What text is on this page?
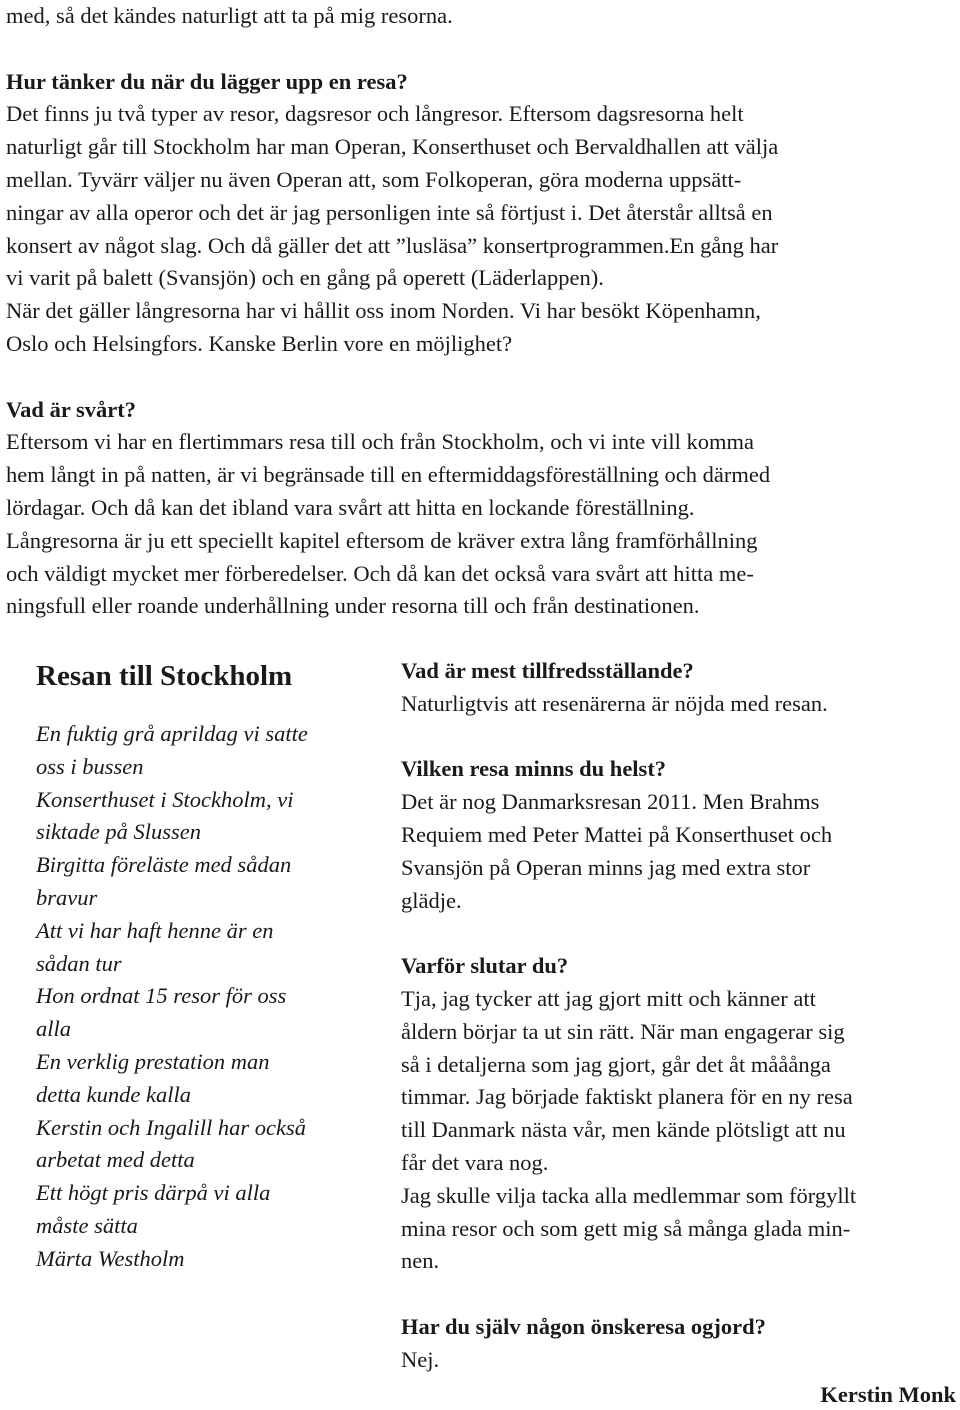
med, så det kändes naturligt att ta på mig resorna.
Hur tänker du när du lägger upp en resa?
Det finns ju två typer av resor, dagsresor och långresor. Eftersom dagsresorna helt
naturligt går till Stockholm har man Operan, Konserthuset och Bervaldhallen att välja
mellan. Tyvärr väljer nu även Operan att, som Folkoperan, göra moderna uppsätt-
ningar av alla operor och det är jag personligen inte så förtjust i. Det återstår alltså en
konsert av något slag. Och då gäller det att ”lusläsa” konsertprogrammen.En gång har
vi varit på balett (Svansjön) och en gång på operett (Läderlappen).
När det gäller långresorna har vi hållit oss inom Norden. Vi har besökt Köpenhamn,
Oslo och Helsingfors. Kanske Berlin vore en möjlighet?
Vad är svårt?
Eftersom vi har en flertimmars resa till och från Stockholm, och vi inte vill komma
hem långt in på natten, är vi begränsade till en eftermiddagsföreställning och därmed
lördagar. Och då kan det ibland vara svårt att hitta en lockande föreställning.
Långresorna är ju ett speciellt kapitel eftersom de kräver extra lång framförhållning
och väldigt mycket mer förberedelser. Och då kan det också vara svårt att hitta me-
ningsfull eller roande underhållning under resorna till och från destinationen.
Resan till Stockholm
En fuktig grå aprildag vi satte
oss i bussen
Konserthuset i Stockholm, vi
siktade på Slussen
Birgitta föreläste med sådan
bravur
Att vi har haft henne är en
sådan tur
Hon ordnat 15 resor för oss
alla
En verklig prestation man
detta kunde kalla
Kerstin och Ingalill har också
arbetat med detta
Ett högt pris därpå vi alla
måste sätta
Märta Westholm
Vad är mest tillfredsställande?
Naturligtvis att resenärerna är nöjda med resan.
Vilken resa minns du helst?
Det är nog Danmarksresan 2011. Men Brahms
Requiem med Peter Mattei på Konserthuset och
Svansjön på Operan minns jag med extra stor
glädje.
Varför slutar du?
Tja, jag tycker att jag gjort mitt och känner att
åldern börjar ta ut sin rätt. När man engagerar sig
så i detaljerna som jag gjort, går det åt mååånga
timmar. Jag började faktiskt planera för en ny resa
till Danmark nästa vår, men kände plötsligt att nu
får det vara nog.
Jag skulle vilja tacka alla medlemmar som förgyllt
mina resor och som gett mig så många glada min-
nen.
Har du själv någon önskeresa ogjord?
Nej.
Kerstin Monk
